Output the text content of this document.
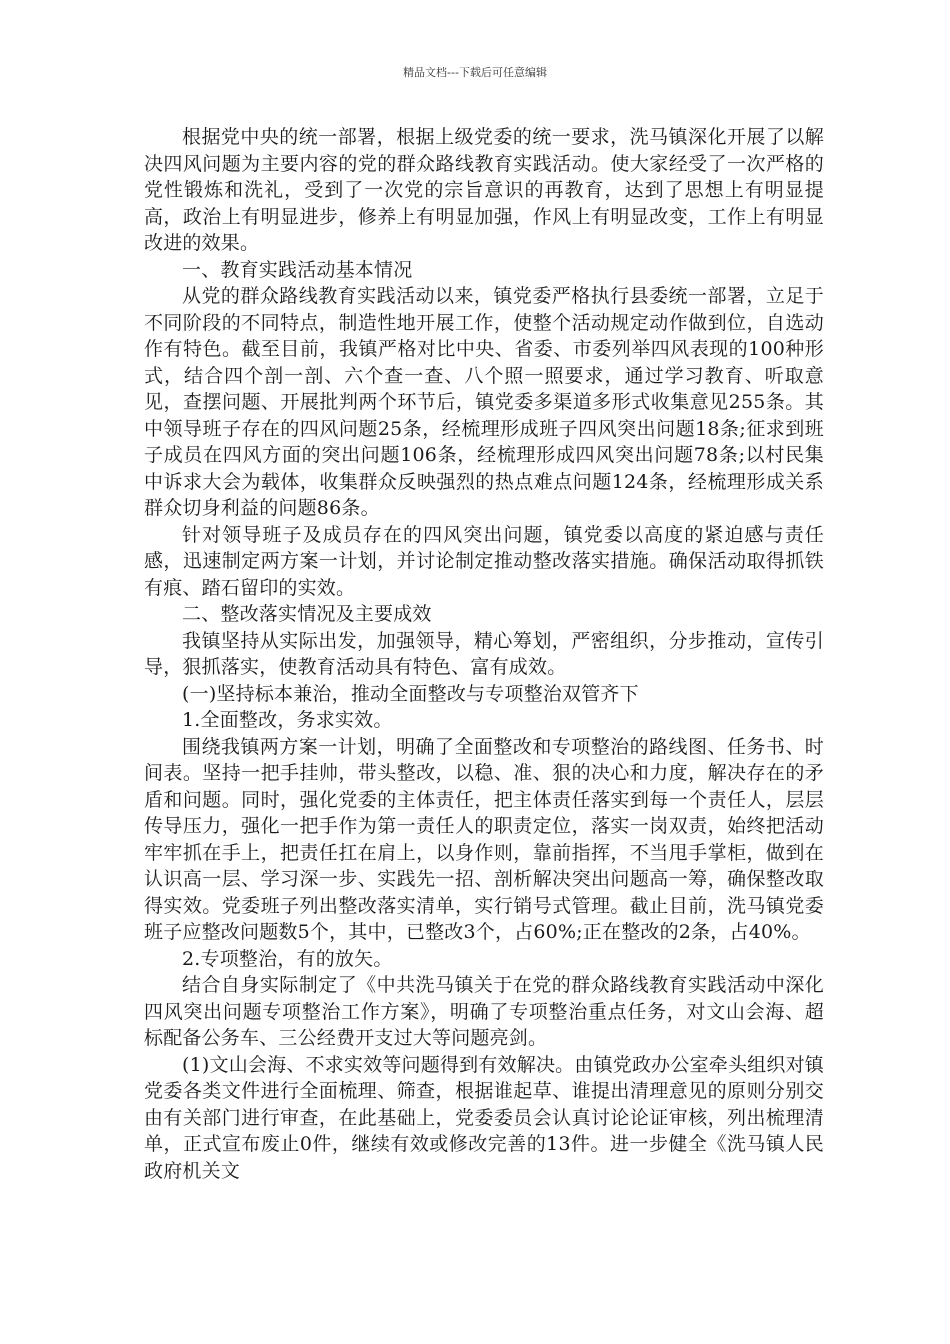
精品文档---下载后可任意编辑

根据党中央的统一部署，根据上级党委的统一要求，洗马镇深化开展了以解决四风问题为主要内容的党的群众路线教育实践活动。使大家经受了一次严格的党性锻炼和洗礼，受到了一次党的宗旨意识的再教育，达到了思想上有明显提高，政治上有明显进步，修养上有明显加强，作风上有明显改变，工作上有明显改进的效果。

一、教育实践活动基本情况

从党的群众路线教育实践活动以来，镇党委严格执行县委统一部署，立足于不同阶段的不同特点，制造性地开展工作，使整个活动规定动作做到位，自选动作有特色。截至目前，我镇严格对比中央、省委、市委列举四风表现的100种形式，结合四个剖一剖、六个查一查、八个照一照要求，通过学习教育、听取意见，查摆问题、开展批判两个环节后，镇党委多渠道多形式收集意见255条。其中领导班子存在的四风问题25条，经梳理形成班子四风突出问题18条;征求到班子成员在四风方面的突出问题106条，经梳理形成四风突出问题78条;以村民集中诉求大会为载体，收集群众反映强烈的热点难点问题124条，经梳理形成关系群众切身利益的问题86条。

针对领导班子及成员存在的四风突出问题，镇党委以高度的紧迫感与责任感，迅速制定两方案一计划，并讨论制定推动整改落实措施。确保活动取得抓铁有痕、踏石留印的实效。

二、整改落实情况及主要成效

我镇坚持从实际出发，加强领导，精心筹划，严密组织，分步推动，宣传引导，狠抓落实，使教育活动具有特色、富有成效。

(一)坚持标本兼治，推动全面整改与专项整治双管齐下

1.全面整改，务求实效。

围绕我镇两方案一计划，明确了全面整改和专项整治的路线图、任务书、时间表。坚持一把手挂帅，带头整改，以稳、准、狠的决心和力度，解决存在的矛盾和问题。同时，强化党委的主体责任，把主体责任落实到每一个责任人，层层传导压力，强化一把手作为第一责任人的职责定位，落实一岗双责，始终把活动牢牢抓在手上，把责任扛在肩上，以身作则，靠前指挥，不当甩手掌柜，做到在认识高一层、学习深一步、实践先一招、剖析解决突出问题高一筹，确保整改取得实效。党委班子列出整改落实清单，实行销号式管理。截止目前，洗马镇党委班子应整改问题数5个，其中，已整改3个，占60%;正在整改的2条，占40%。

2.专项整治，有的放矢。

结合自身实际制定了《中共洗马镇关于在党的群众路线教育实践活动中深化四风突出问题专项整治工作方案》，明确了专项整治重点任务，对文山会海、超标配备公务车、三公经费开支过大等问题亮剑。

(1)文山会海、不求实效等问题得到有效解决。由镇党政办公室牵头组织对镇党委各类文件进行全面梳理、筛查，根据谁起草、谁提出清理意见的原则分别交由有关部门进行审查，在此基础上，党委委员会认真讨论论证审核，列出梳理清单，正式宣布废止0件，继续有效或修改完善的13件。进一步健全《洗马镇人民政府机关文
